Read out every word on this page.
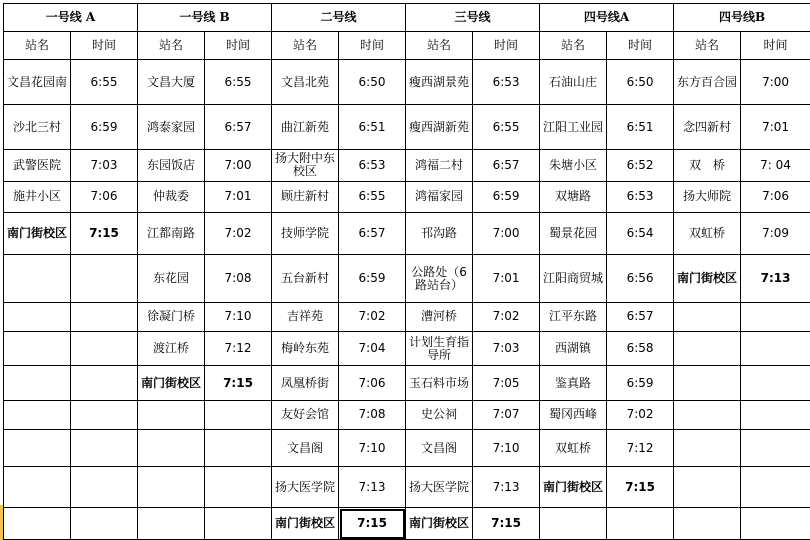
一号线 A		一号线 B		二号线		三号线		四号线A		四号线B	
站名	时间	站名	时间	站名	时间	站名	时间	站名	时间	站名	时间
文昌花园南	6:55	文昌大厦	6:55	文昌北苑	6:50	瘦西湖景苑	6:53	石油山庄	6:50	东方百合园	7:00
沙北三村	6:59	鸿泰家园	6:57	曲江新苑	6:51	瘦西湖新苑	6:55	江阳工业园	6:51	念四新村	7:01
武警医院	7:03	东园饭店	7:00	扬大附中东校区	6:53	鸿福二村	6:57	朱塘小区	6:52	双　桥	7: 04
施井小区	7:06	仲裁委	7:01	顾庄新村	6:55	鸿福家园	6:59	双塘路	6:53	扬大师院	7:06
南门街校区	7:15	江都南路	7:02	技师学院	6:57	邗沟路	7:00	蜀景花园	6:54	双虹桥	7:09
		东花园	7:08	五台新村	6:59	公路处（6路站台）	7:01	江阳商贸城	6:56	南门街校区	7:13
		徐凝门桥	7:10	吉祥苑	7:02	漕河桥	7:02	江平东路	6:57		
		渡江桥	7:12	梅岭东苑	7:04	计划生育指导所	7:03	西湖镇	6:58		
		南门街校区	7:15	凤凰桥街	7:06	玉石料市场	7:05	鉴真路	6:59		
				友好会馆	7:08	史公祠	7:07	蜀冈西峰	7:02		
				文昌阁	7:10	文昌阁	7:10	双虹桥	7:12		
				扬大医学院	7:13	扬大医学院	7:13	南门街校区	7:15		
				南门街校区	7:15	南门街校区	7:15				
